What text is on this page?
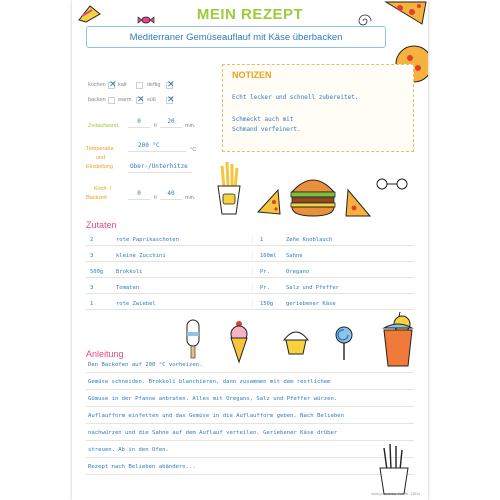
MEIN REZEPT
Mediterraner Gemüseauflauf mit Käse überbacken
kochen ✕ kalt	deftig ✕
backen warm ✕ süß ✕
Zeitaufwand
0
h
20
min.
Temperatur
und
Einstellung
200 °C
°C
Ober-/Unterhitze
Koch- /
Backzeit
0
h
40
min.
NOTIZEN
Echt lecker und schnell zubereitet.
Schmeckt auch mit
Schmand verfeinert.
Zutaten
2	rote Paprikaschoten	1	Zehe Knoblauch
3	kleine Zucchini	100ml Sahne
500g Brokkoli	Pr.	Oregano
3	Tomaten	Pr.	Salz und Pfeffer
1	rote Zwiebel	150g geriebener Käse
Anleitung
Den Backofen auf 200 °C vorheizen.
Gemüse schneiden. Brokkoli blanchieren, dann zusammen mit dem restlichem
Gümuse in der Pfanne anbraten. Alles mit Oregano, Salz und Pfeffer würzen.
Auflaufform einfetten und das Gemüse in die Auflaufform geben. Nach Belieben
nachwürzen und die Sahne auf dem Auflauf verteilen. Geriebener Käse drüber
streuen. Ab in den Ofen.
Rezept nach Belieben abändern...
www.pricaro.de • Art.-Nr. 13834
